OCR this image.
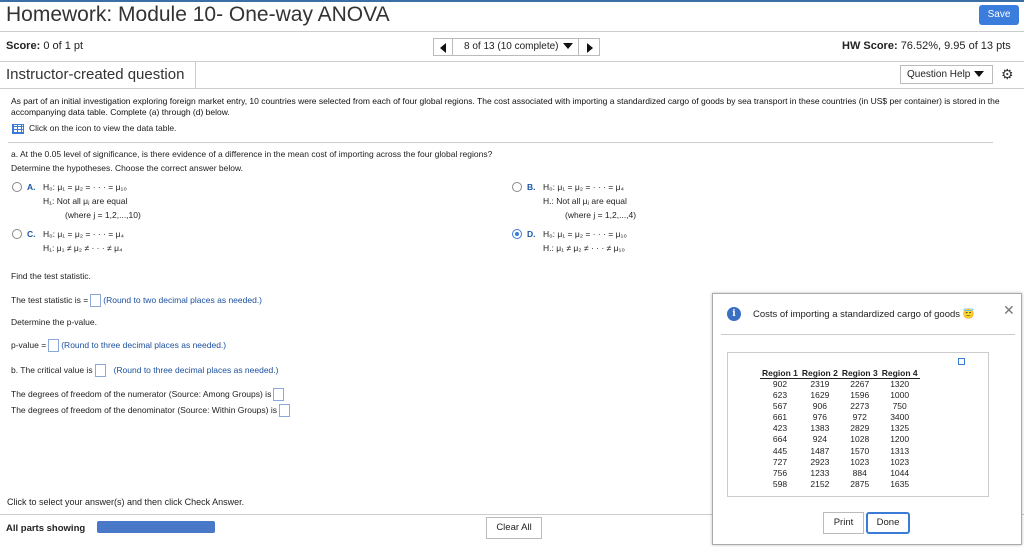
Homework: Module 10- One-way ANOVA	Save
Score: 0 of 1 pt	8 of 13 (10 complete)	HW Score: 76.52%, 9.95 of 13 pts
Instructor-created question	Question Help	⚙
As part of an initial investigation exploring foreign market entry, 10 countries were selected from each of four global regions. The cost associated with importing a standardized cargo of goods by sea transport in these countries (in US$ per container) is stored in the accompanying data table. Complete (a) through (d) below.
Click on the icon to view the data table.
a. At the 0.05 level of significance, is there evidence of a difference in the mean cost of importing across the four global regions?
Determine the hypotheses. Choose the correct answer below.
A. H₀: μ₁ = μ₂ = · · · = μ₁₀
H₁: Not all μⱼ are equal
(where j = 1,2,...,10)
B. H₀: μ₁ = μ₂ = · · · = μ₄
H.: Not all μⱼ are equal
(where j = 1,2,...,4)
C. H₀: μ₁ = μ₂ = · · · = μ₄
H₁: μ₁ ≠ μ₂ ≠ · · · ≠ μ₄
D. H₀: μ₁ = μ₂ = · · · = μ₁₀
H.: μ₁ ≠ μ₂ ≠ · · · ≠ μ₁₀
Find the test statistic.
The test statistic is = (Round to two decimal places as needed.)
Determine the p-value.
p-value = (Round to three decimal places as needed.)
b. The critical value is (Round to three decimal places as needed.)
The degrees of freedom of the numerator (Source: Among Groups) is
The degrees of freedom of the denominator (Source: Within Groups) is
Click to select your answer(s) and then click Check Answer.
All parts showing	Clear All
i	Costs of importing a standardized cargo of goods 😇 ✕
Region 1	Region 2	Region 3	Region 4
902	2319	2267	1320
623	1629	1596	1000
567	906	2273	750
661	976	972	3400
423	1383	2829	1325
664	924	1028	1200
445	1487	1570	1313
727	2923	1023	1023
756	1233	884	1044
598	2152	2875	1635
Print	Done
